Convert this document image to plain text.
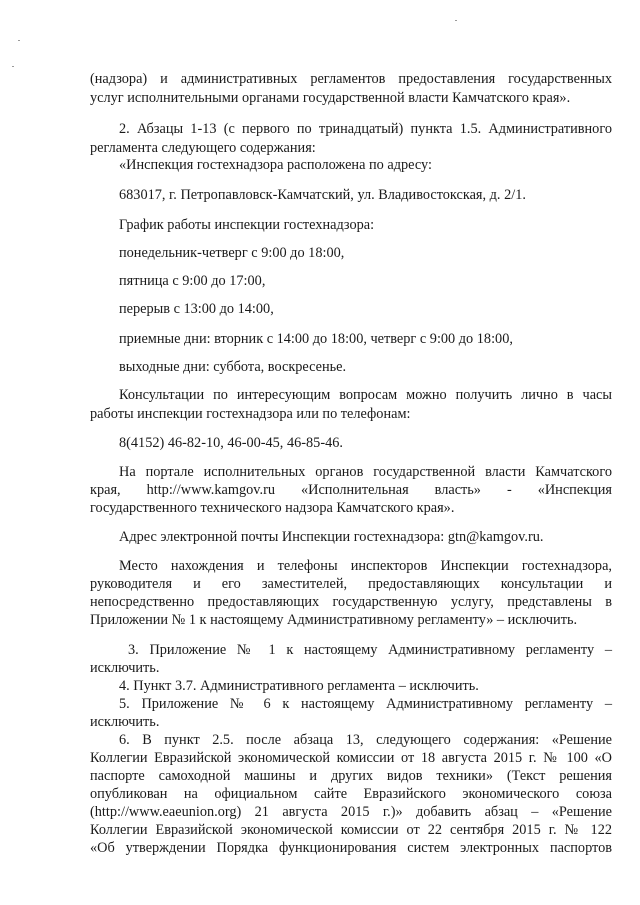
(надзора) и административных регламентов предоставления государственных
услуг исполнительными органами государственной власти Камчатского края».
2. Абзацы 1-13 (с первого по тринадцатый) пункта 1.5. Административного
регламента следующего содержания:
«Инспекция гостехнадзора расположена по адресу:
683017, г. Петропавловск-Камчатский, ул. Владивостокская, д. 2/1.
График работы инспекции гостехнадзора:
понедельник-четверг с 9:00 до 18:00,
пятница с 9:00 до 17:00,
перерыв с 13:00 до 14:00,
приемные дни: вторник с 14:00 до 18:00, четверг с 9:00 до 18:00,
выходные дни: суббота, воскресенье.
Консультации по интересующим вопросам можно получить лично в часы
работы инспекции гостехнадзора или по телефонам:
8(4152) 46-82-10, 46-00-45, 46-85-46.
На портале исполнительных органов государственной власти Камчатского
края, http://www.kamgov.ru «Исполнительная власть» - «Инспекция
государственного технического надзора Камчатского края».
Адрес электронной почты Инспекции гостехнадзора: gtn@kamgov.ru.
Место нахождения и телефоны инспекторов Инспекции гостехнадзора,
руководителя и его заместителей, предоставляющих консультации и
непосредственно предоставляющих государственную услугу, представлены в
Приложении № 1 к настоящему Административному регламенту» – исключить.
3. Приложение № 1 к настоящему Административному регламенту –
исключить.
4. Пункт 3.7. Административного регламента – исключить.
5. Приложение № 6 к настоящему Административному регламенту –
исключить.
6. В пункт 2.5. после абзаца 13, следующего содержания: «Решение
Коллегии Евразийской экономической комиссии от 18 августа 2015 г. № 100 «О
паспорте самоходной машины и других видов техники» (Текст решения
опубликован на официальном сайте Евразийского экономического союза
(http://www.eaeunion.org) 21 августа 2015 г.)» добавить абзац – «Решение
Коллегии Евразийской экономической комиссии от 22 сентября 2015 г. № 122
«Об утверждении Порядка функционирования систем электронных паспортов
